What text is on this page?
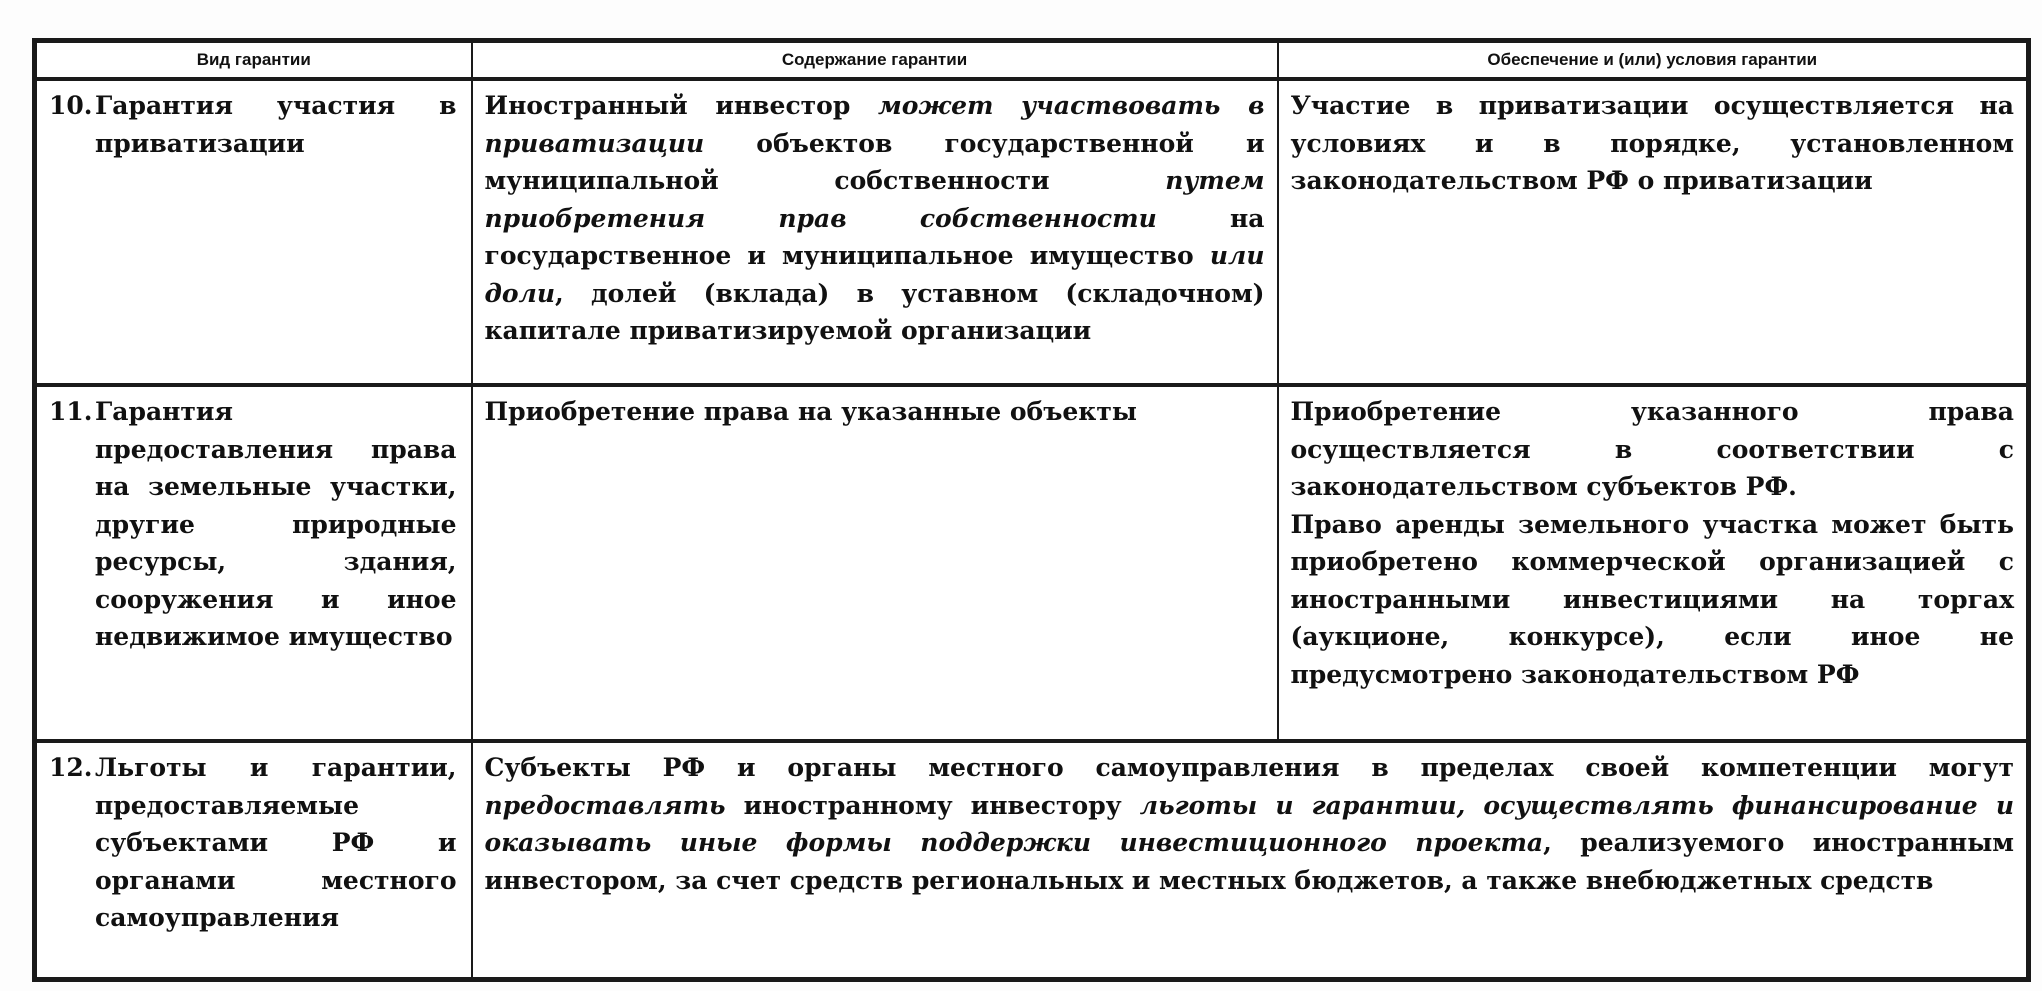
Вид гарантии	Содержание гарантии	Обеспечение и (или) условия гарантии

10. Гарантия участия в приватизации	Иностранный инвестор может участвовать в приватизации объектов государственной и муниципальной собственности путем приобретения прав собственности на государственное и муниципальное имущество или доли, долей (вклада) в уставном (складочном) капитале приватизируемой организации	Участие в приватизации осуществляется на условиях и в порядке, установленном законодательством РФ о приватизации

11. Гарантия предоставления права на земельные участки, другие природные ресурсы, здания, сооружения и иное недвижимое имущество	Приобретение права на указанные объекты	Приобретение указанного права осуществляется в соответствии с законодательством субъектов РФ.
Право аренды земельного участка может быть приобретено коммерческой организацией с иностранными инвестициями на торгах (аукционе, конкурсе), если иное не предусмотрено законодательством РФ

12. Льготы и гарантии, предоставляемые субъектами РФ и органами местного самоуправления	Субъекты РФ и органы местного самоуправления в пределах своей компетенции могут предоставлять иностранному инвестору льготы и гарантии, осуществлять финансирование и оказывать иные формы поддержки инвестиционного проекта, реализуемого иностранным инвестором, за счет средств региональных и местных бюджетов, а также внебюджетных средств	
